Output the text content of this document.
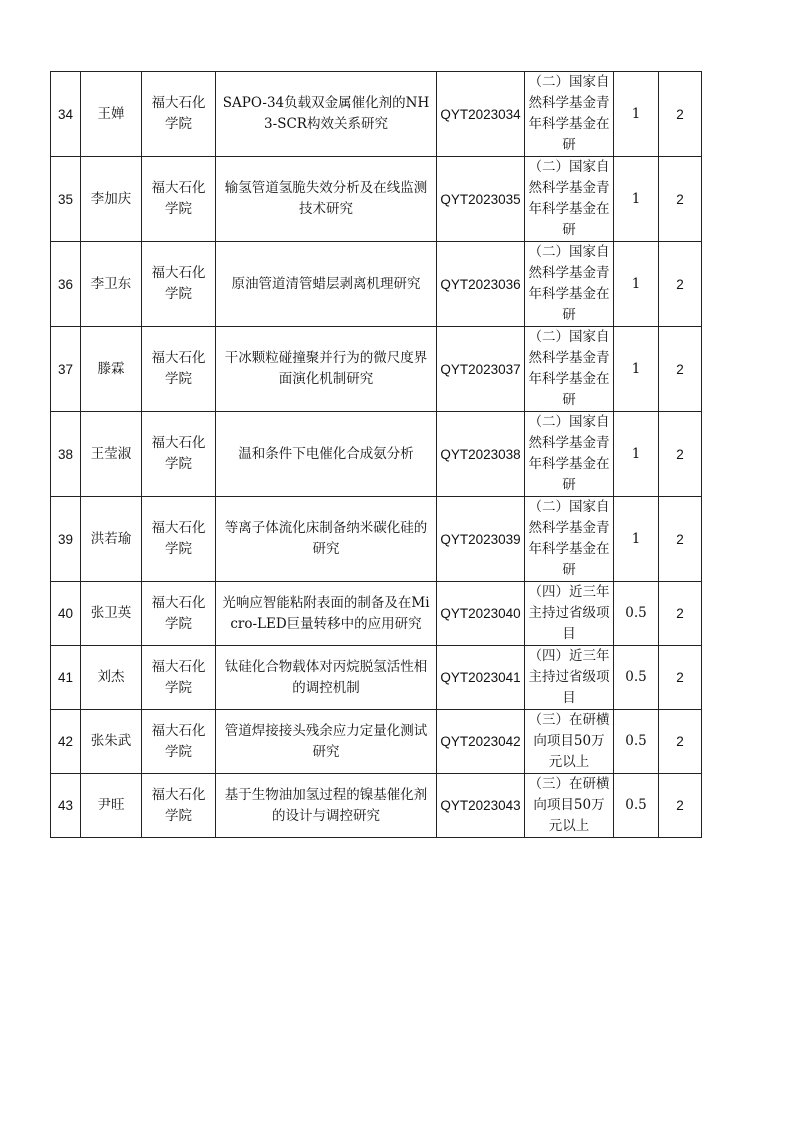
34	王婵	福大石化学院	SAPO-34负载双金属催化剂的NH3-SCR构效关系研究	QYT2023034	（二）国家自然科学基金青年科学基金在研	1	2
35	李加庆	福大石化学院	输氢管道氢脆失效分析及在线监测技术研究	QYT2023035	（二）国家自然科学基金青年科学基金在研	1	2
36	李卫东	福大石化学院	原油管道清管蜡层剥离机理研究	QYT2023036	（二）国家自然科学基金青年科学基金在研	1	2
37	滕霖	福大石化学院	干冰颗粒碰撞聚并行为的微尺度界面演化机制研究	QYT2023037	（二）国家自然科学基金青年科学基金在研	1	2
38	王莹淑	福大石化学院	温和条件下电催化合成氨分析	QYT2023038	（二）国家自然科学基金青年科学基金在研	1	2
39	洪若瑜	福大石化学院	等离子体流化床制备纳米碳化硅的研究	QYT2023039	（二）国家自然科学基金青年科学基金在研	1	2
40	张卫英	福大石化学院	光响应智能粘附表面的制备及在Micro-LED巨量转移中的应用研究	QYT2023040	（四）近三年主持过省级项目	0.5	2
41	刘杰	福大石化学院	钛硅化合物载体对丙烷脱氢活性相的调控机制	QYT2023041	（四）近三年主持过省级项目	0.5	2
42	张朱武	福大石化学院	管道焊接接头残余应力定量化测试研究	QYT2023042	（三）在研横向项目50万元以上	0.5	2
43	尹旺	福大石化学院	基于生物油加氢过程的镍基催化剂的设计与调控研究	QYT2023043	（三）在研横向项目50万元以上	0.5	2
